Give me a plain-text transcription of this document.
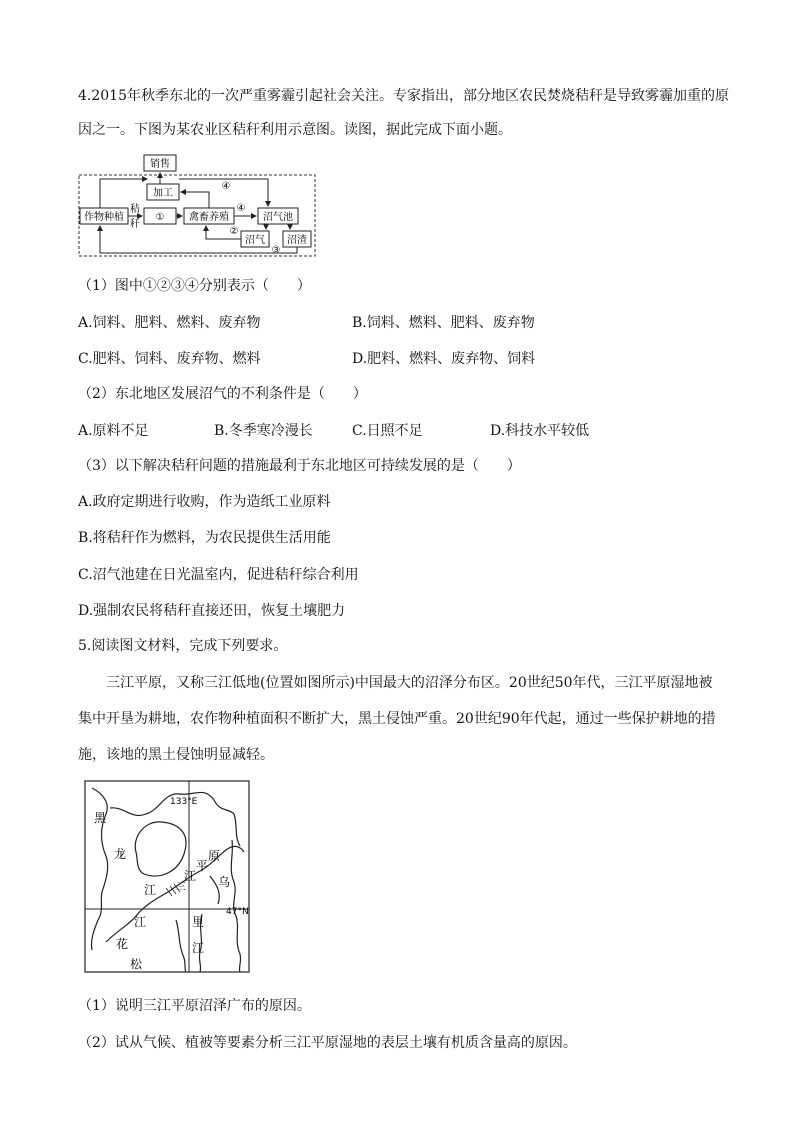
4.2015年秋季东北的一次严重雾霾引起社会关注。专家指出，部分地区农民焚烧秸秆是导致雾霾加重的原
因之一。下图为某农业区秸秆利用示意图。读图，据此完成下面小题。
销售
加工
作物种植
秸
秆
① 禽畜养殖	沼气池
沼气 沼渣
④
④
②
③
（1）图中①②③④分别表示（　　）
A.饲料、肥料、燃料、废弃物	B.饲料、燃料、肥料、废弃物
C.肥料、饲料、废弃物、燃料	D.肥料、燃料、废弃物、饲料
（2）东北地区发展沼气的不利条件是（　　）
A.原料不足	B.冬季寒冷漫长	C.日照不足	D.科技水平较低
（3）以下解决秸秆问题的措施最利于东北地区可持续发展的是（　　）
A.政府定期进行收购，作为造纸工业原料
B.将秸秆作为燃料，为农民提供生活用能
C.沼气池建在日光温室内，促进秸秆综合利用
D.强制农民将秸秆直接还田，恢复土壤肥力
5.阅读图文材料，完成下列要求。
三江平原，又称三江低地(位置如图所示)中国最大的沼泽分布区。20世纪50年代，三江平原湿地被
集中开垦为耕地，农作物种植面积不断扩大，黑土侵蚀严重。20世纪90年代起，通过一些保护耕地的措
施，该地的黑土侵蚀明显减轻。
133°E
47°N
黑
龙
江 三
江
平
原
乌
江
花
松
里
江
（1）说明三江平原沼泽广布的原因。
（2）试从气候、植被等要素分析三江平原湿地的表层土壤有机质含量高的原因。
